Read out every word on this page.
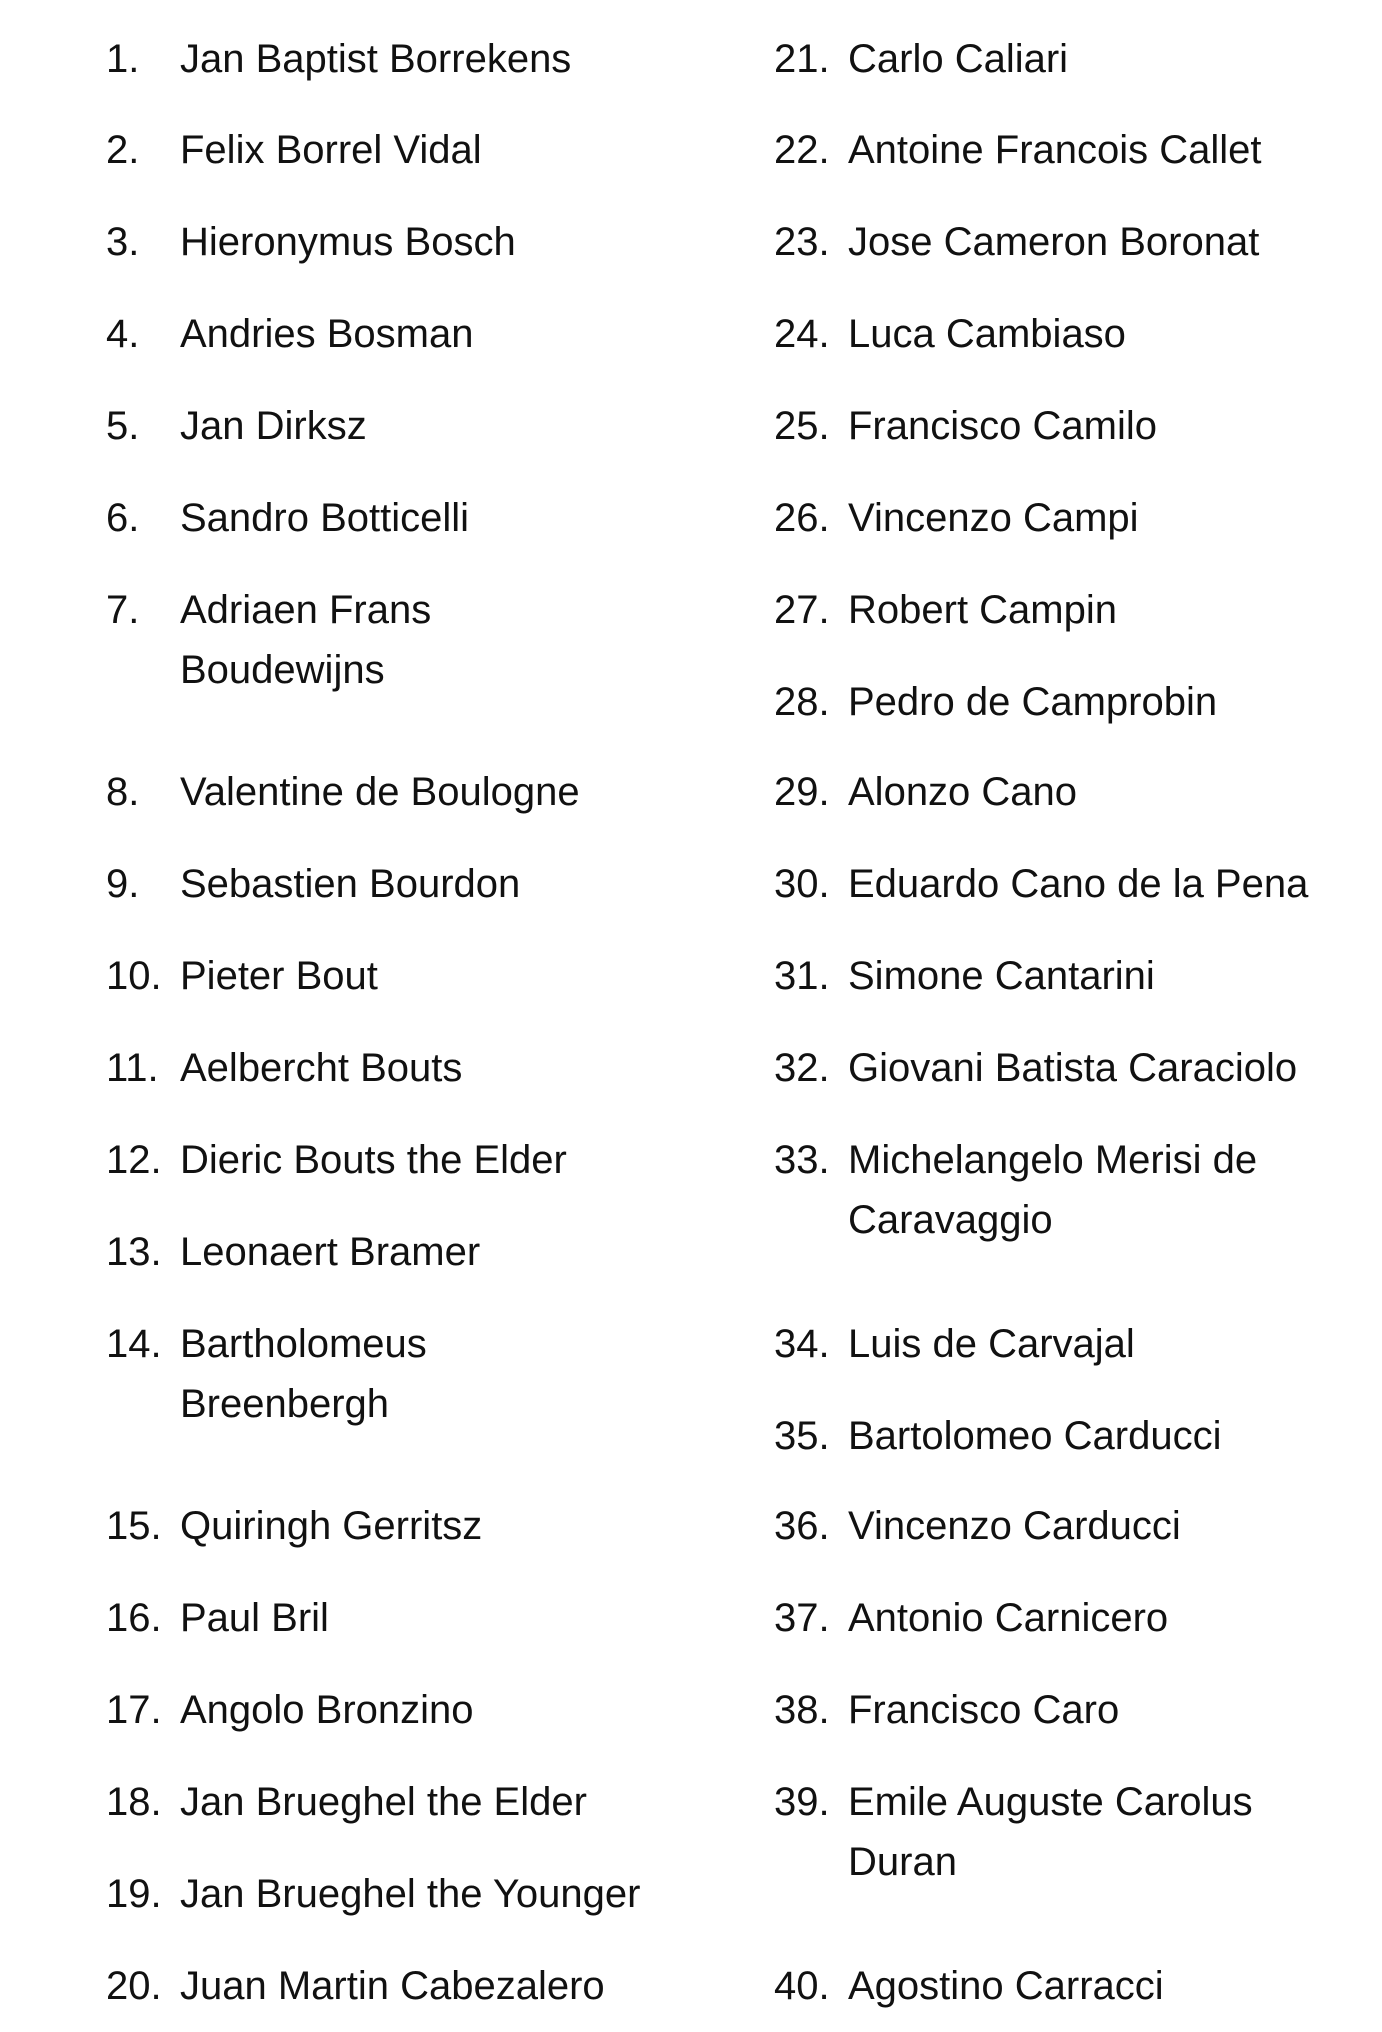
1.	Jan Baptist Borrekens
2.	Felix Borrel Vidal
3.	Hieronymus Bosch
4.	Andries Bosman
5.	Jan Dirksz
6.	Sandro Botticelli
7.	Adriaen Frans
Boudewijns
8.	Valentine de Boulogne
9.	Sebastien Bourdon
10. Pieter Bout
11. Aelbercht Bouts
12. Dieric Bouts the Elder
13. Leonaert Bramer
14. Bartholomeus
Breenbergh
15. Quiringh Gerritsz
16. Paul Bril
17. Angolo Bronzino
18. Jan Brueghel the Elder
19. Jan Brueghel the Younger
20. Juan Martin Cabezalero
21. Carlo Caliari
22. Antoine Francois Callet
23. Jose Cameron Boronat
24. Luca Cambiaso
25. Francisco Camilo
26. Vincenzo Campi
27. Robert Campin
28. Pedro de Camprobin
29. Alonzo Cano
30. Eduardo Cano de la Pena
31. Simone Cantarini
32. Giovani Batista Caraciolo
33. Michelangelo Merisi de
Caravaggio
34. Luis de Carvajal
35. Bartolomeo Carducci
36. Vincenzo Carducci
37. Antonio Carnicero
38. Francisco Caro
39. Emile Auguste Carolus
Duran
40. Agostino Carracci
